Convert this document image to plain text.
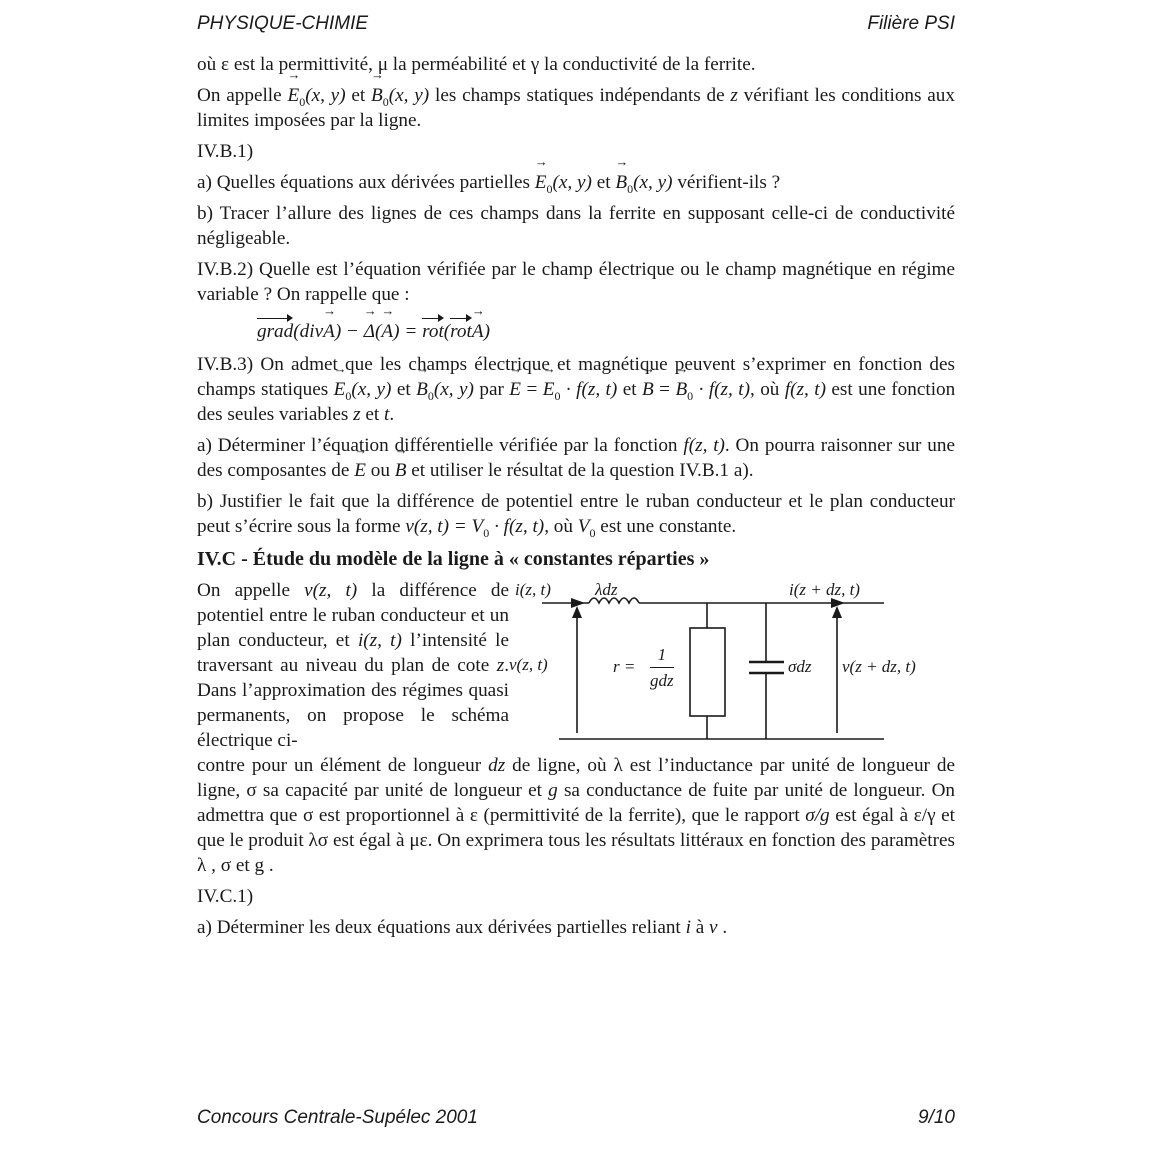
PHYSIQUE-CHIMIE	Filière PSI

où ε est la permittivité, μ la perméabilité et γ la conductivité de la ferrite.

On appelle → $E_0(x$, y) et → $B_0(x$, y) les champs statiques indépendants de z vérifiant les conditions aux limites imposées par la ligne.

IV.B.1)

a) Quelles équations aux dérivées partielles → $E_0(x$, y) et → $B_0(x$, y) vérifient-ils ?

b) Tracer l’allure des lignes de ces champs dans la ferrite en supposant celle-ci de conductivité négligeable.

IV.B.2) Quelle est l’équation vérifiée par le champ électrique ou le champ magnétique en régime variable ? On rappelle que :

grad(div→ A) − → Δ(→ A) = rot(rot→ A)

IV.B.3) On admet que les champs électrique et magnétique peuvent s’exprimer en fonction des champs statiques → $E_0(x$, y) et → $B_0(x$, y) par → E = → $E_0 \cdot f(z$, t) et → B = → $B_0 \cdot f(z$, t), où f(z, t) est une fonction des seules variables z et t.

a) Déterminer l’équation différentielle vérifiée par la fonction f(z, t). On pourra raisonner sur une des composantes de → E ou → B et utiliser le résultat de la question IV.B.1 a).

b) Justifier le fait que la différence de potentiel entre le ruban conducteur et le plan conducteur peut s’écrire sous la forme v(z, $t) = V_0 \cdot f(z$, t), où $V_0$ est une constante.

IV.C - Étude du modèle de la ligne à « constantes réparties »

On appelle v(z, t) la différence de potentiel entre le ruban conducteur et un plan conducteur, et i(z, t) l’intensité le traversant au niveau du plan de cote z. Dans l’approximation des régimes quasi permanents, on propose le schéma électrique ci-

i(z, t)	λdz	i(z + dz, t)
v(z, t)	r =
1
gdz
σdz v(z + dz, t)

contre pour un élément de longueur dz de ligne, où λ est l’inductance par unité de longueur de ligne, σ sa capacité par unité de longueur et g sa conductance de fuite par unité de longueur. On admettra que σ est proportionnel à ε (permittivité de la ferrite), que le rapport σ/g est égal à ε/γ et que le produit λσ est égal à με. On exprimera tous les résultats littéraux en fonction des paramètres λ , σ et g .

IV.C.1)

a) Déterminer les deux équations aux dérivées partielles reliant i à v .

Concours Centrale-Supélec 2001	9/10
